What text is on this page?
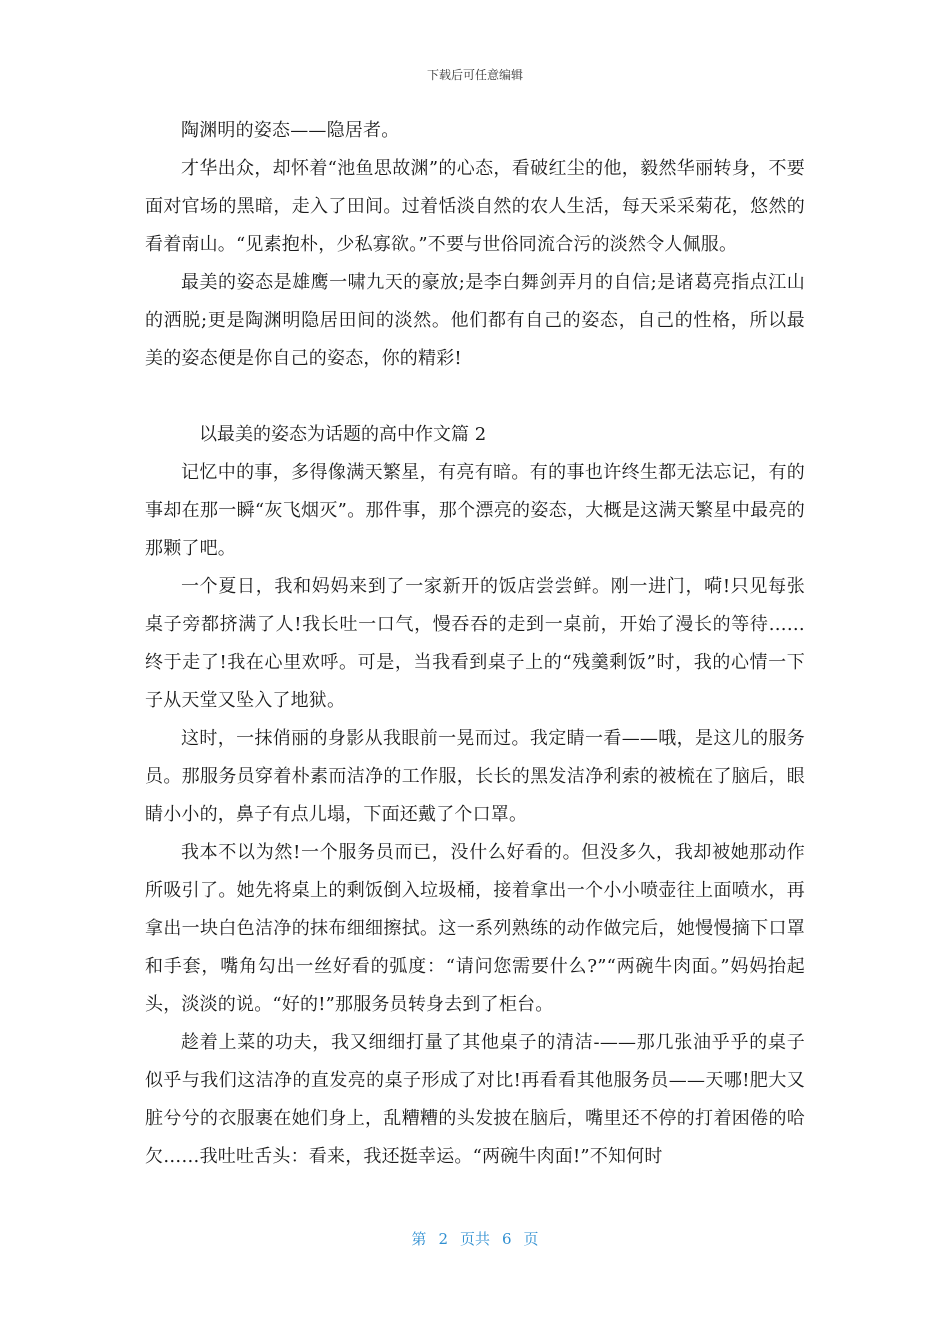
下载后可任意编辑

陶渊明的姿态——隐居者。

才华出众，却怀着“池鱼思故渊”的心态，看破红尘的他，毅然华丽转身，不要面对官场的黑暗，走入了田间。过着恬淡自然的农人生活，每天采采菊花，悠然的看着南山。“见素抱朴，少私寡欲。”不要与世俗同流合污的淡然令人佩服。

最美的姿态是雄鹰一啸九天的豪放;是李白舞剑弄月的自信;是诸葛亮指点江山的洒脱;更是陶渊明隐居田间的淡然。他们都有自己的姿态，自己的性格，所以最美的姿态便是你自己的姿态，你的精彩!

以最美的姿态为话题的高中作文篇 2

记忆中的事，多得像满天繁星，有亮有暗。有的事也许终生都无法忘记，有的事却在那一瞬“灰飞烟灭”。那件事，那个漂亮的姿态，大概是这满天繁星中最亮的那颗了吧。

一个夏日，我和妈妈来到了一家新开的饭店尝尝鲜。刚一进门，嗬!只见每张桌子旁都挤满了人!我长吐一口气，慢吞吞的走到一桌前，开始了漫长的等待……终于走了!我在心里欢呼。可是，当我看到桌子上的“残羹剩饭”时，我的心情一下子从天堂又坠入了地狱。

这时，一抹俏丽的身影从我眼前一晃而过。我定睛一看——哦，是这儿的服务员。那服务员穿着朴素而洁净的工作服，长长的黑发洁净利索的被梳在了脑后，眼睛小小的，鼻子有点儿塌，下面还戴了个口罩。

我本不以为然!一个服务员而已，没什么好看的。但没多久，我却被她那动作所吸引了。她先将桌上的剩饭倒入垃圾桶，接着拿出一个小小喷壶往上面喷水，再拿出一块白色洁净的抹布细细擦拭。这一系列熟练的动作做完后，她慢慢摘下口罩和手套，嘴角勾出一丝好看的弧度：“请问您需要什么?”“两碗牛肉面。”妈妈抬起头，淡淡的说。“好的!”那服务员转身去到了柜台。

趁着上菜的功夫，我又细细打量了其他桌子的清洁-——那几张油乎乎的桌子似乎与我们这洁净的直发亮的桌子形成了对比!再看看其他服务员——天哪!肥大又脏兮兮的衣服裹在她们身上，乱糟糟的头发披在脑后，嘴里还不停的打着困倦的哈欠……我吐吐舌头：看来，我还挺幸运。“两碗牛肉面!”不知何时

第 2 页共 6 页
